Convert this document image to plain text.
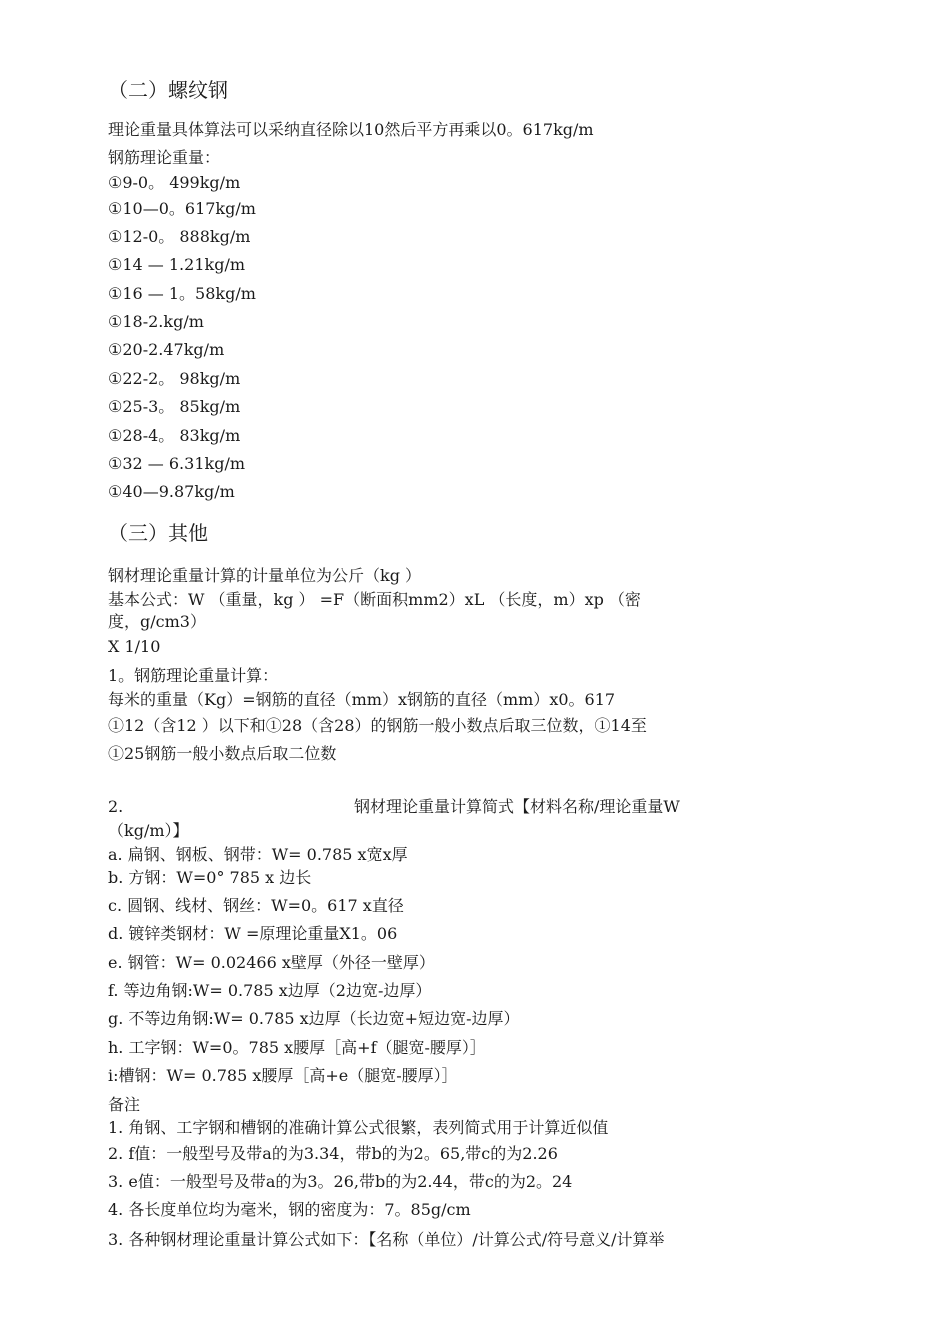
（二）螺纹钢
理论重量具体算法可以采纳直径除以10然后平方再乘以0。617kg/m
钢筋理论重量：
①9-0。 499kg/m
①10—0。617kg/m
①12-0。 888kg/m
①14 — 1.21kg/m
①16 — 1。58kg/m
①18-2.kg/m
①20-2.47kg/m
①22-2。 98kg/m
①25-3。 85kg/m
①28-4。 83kg/m
①32 — 6.31kg/m
①40—9.87kg/m
（三）其他
钢材理论重量计算的计量单位为公斤（kg ）
基本公式：W （重量，kg ） =F（断面积mm2）xL （长度，m）xp （密
度，g/cm3）
X 1/10
1。钢筋理论重量计算：
每米的重量（Kg）=钢筋的直径（mm）x钢筋的直径（mm）x0。617
①12（含12 ）以下和①28（含28）的钢筋一般小数点后取三位数，①14至
①25钢筋一般小数点后取二位数
2.	钢材理论重量计算简式【材料名称/理论重量W
（kg/m）】
a. 扁钢、钢板、钢带：W= 0.785 x宽x厚
b. 方钢：W=0° 785 x 边长
c. 圆钢、线材、钢丝：W=0。617 x直径
d. 镀锌类钢材：W =原理论重量X1。06
e. 钢管：W= 0.02466 x壁厚（外径一壁厚）
f. 等边角钢:W= 0.785 x边厚（2边宽-边厚）
g. 不等边角钢:W= 0.785 x边厚（长边宽+短边宽-边厚）
h. 工字钢：W=0。785 x腰厚［高+f（腿宽-腰厚）］
i:槽钢：W= 0.785 x腰厚［高+e（腿宽-腰厚）］
备注
1. 角钢、工字钢和槽钢的准确计算公式很繁，表列简式用于计算近似值
2. f值：一般型号及带a的为3.34，带b的为2。65,带c的为2.26
3. e值：一般型号及带a的为3。26,带b的为2.44，带c的为2。24
4. 各长度单位均为毫米，钢的密度为：7。85g/cm
3. 各种钢材理论重量计算公式如下：【名称（单位）/计算公式/符号意义/计算举
